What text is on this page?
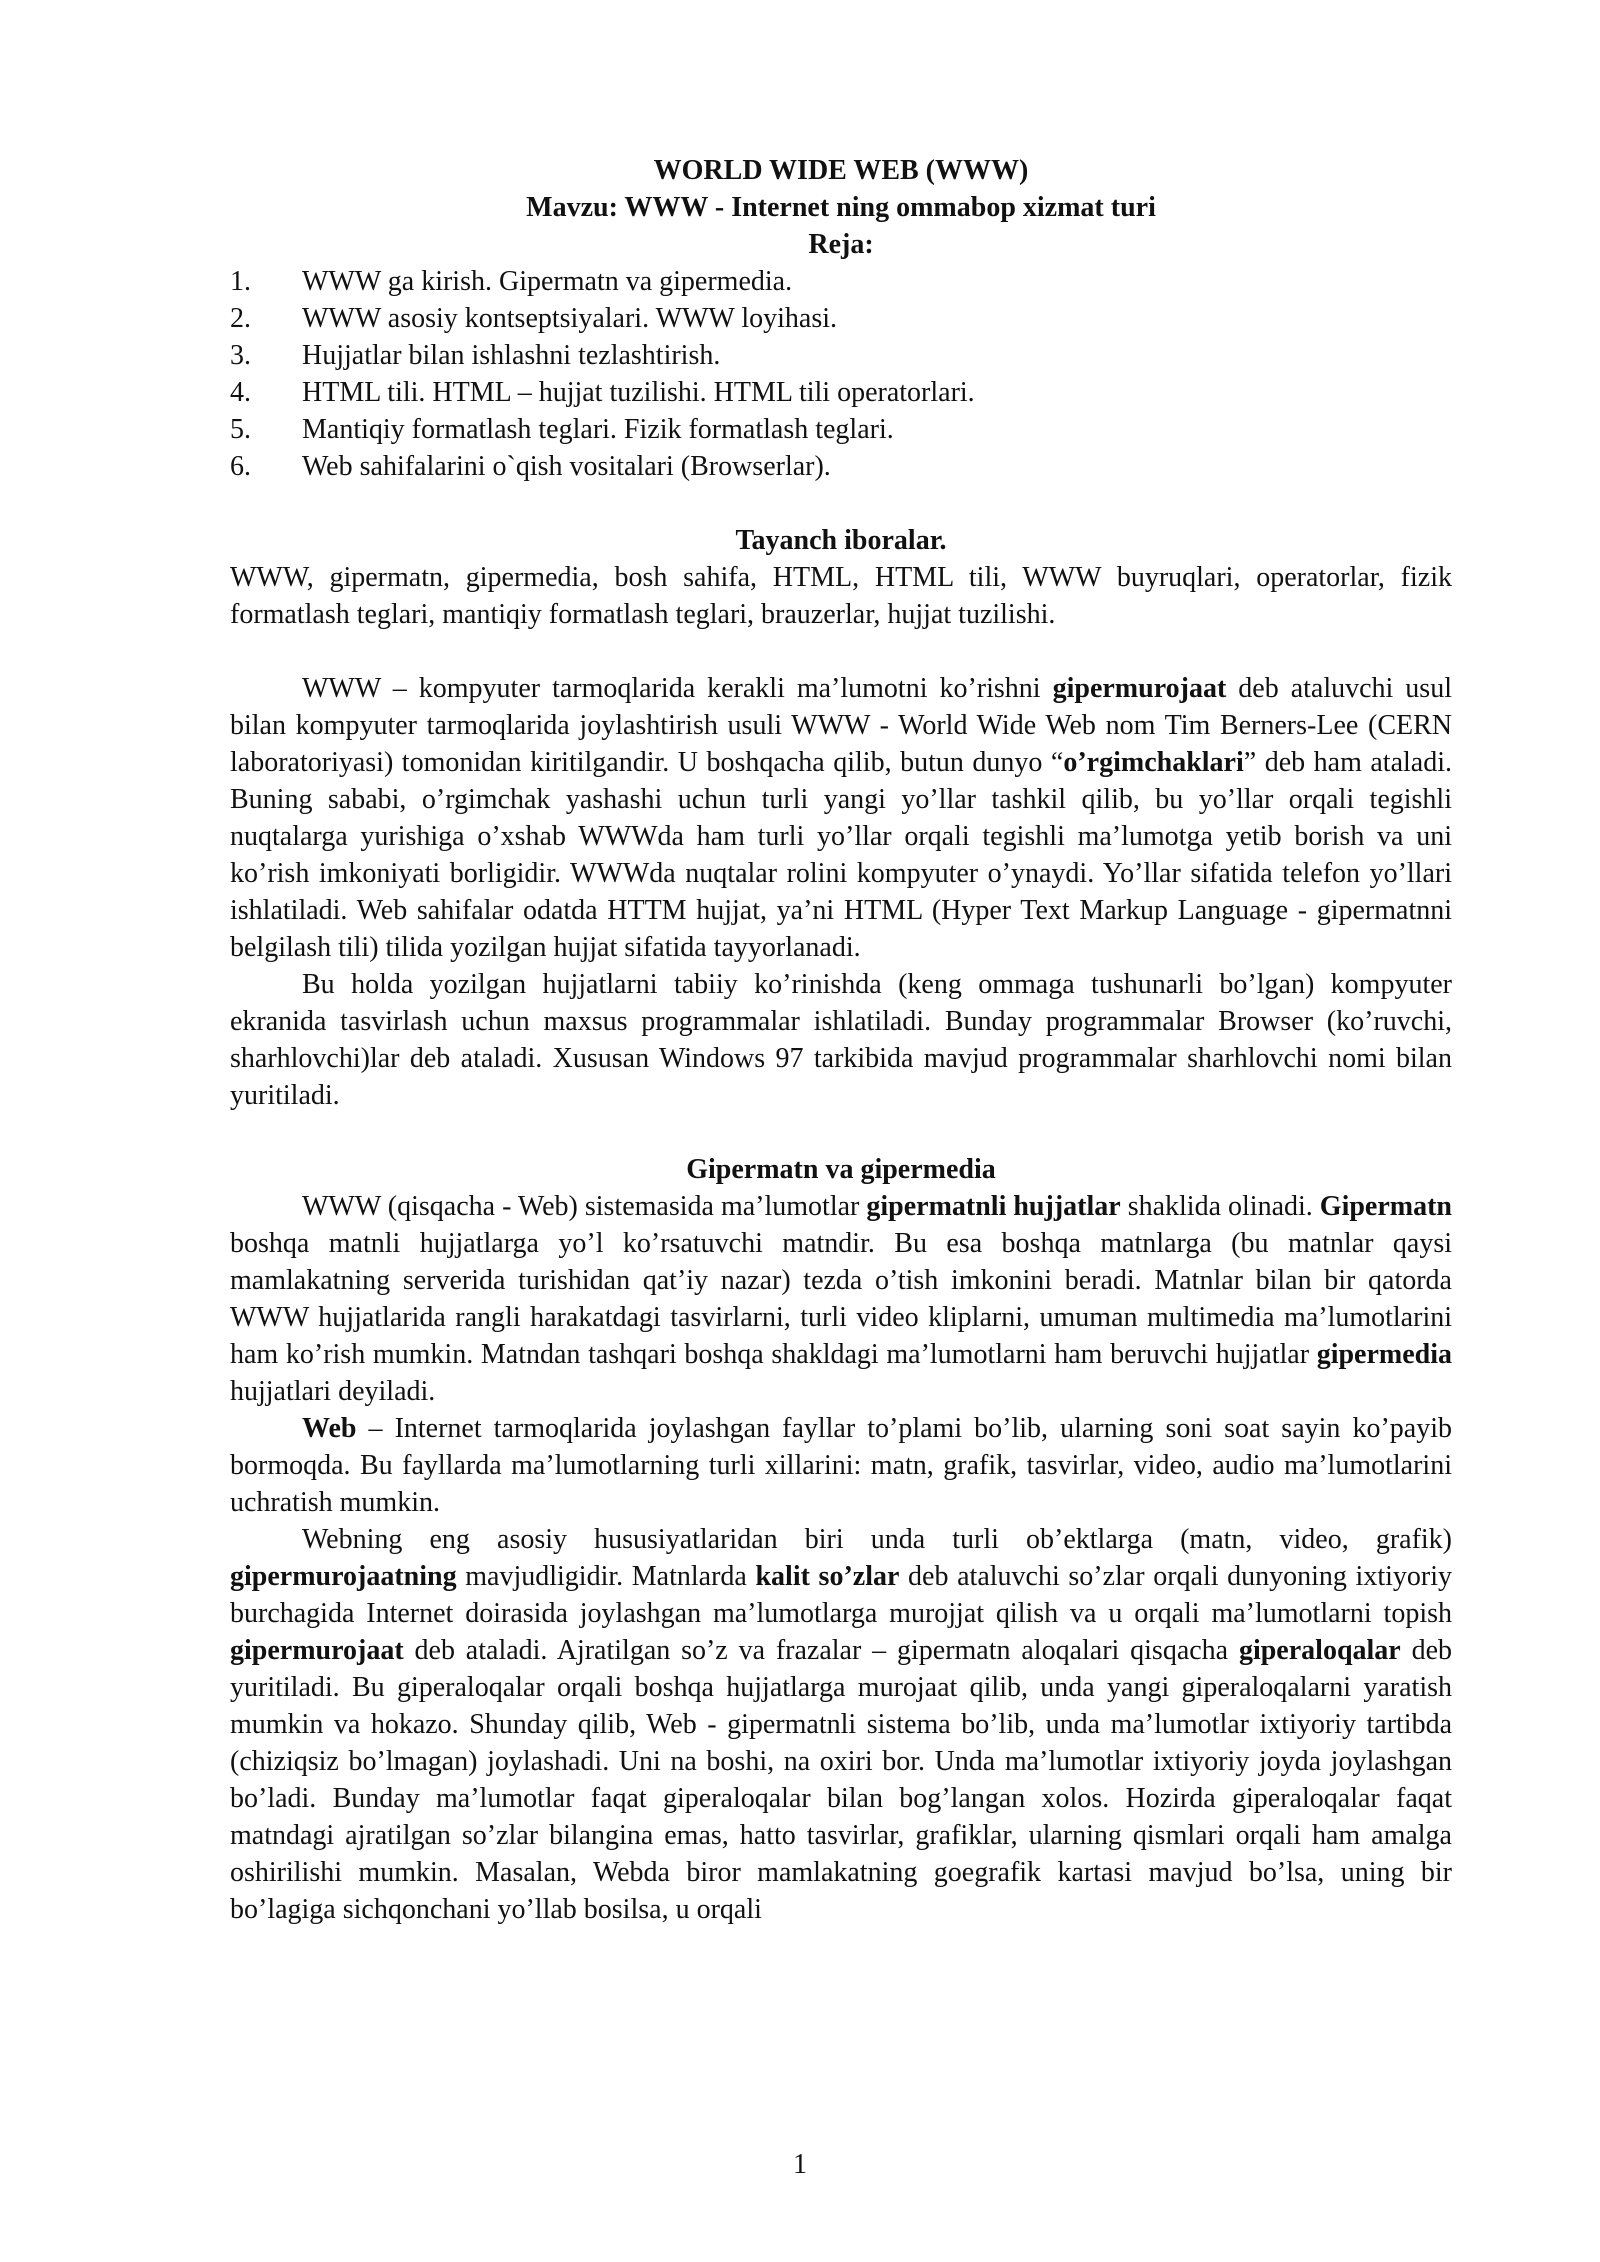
WORLD WIDE WEB (WWW)
Mavzu: WWW - Internet ning ommabop xizmat turi
Reja:
1.	WWW ga kirish. Gipermatn va gipermedia.
2.	WWW asosiy kontseptsiyalari. WWW loyihasi.
3.	Hujjatlar bilan ishlashni tezlashtirish.
4.	HTML tili. HTML – hujjat tuzilishi. HTML tili operatorlari.
5.	Mantiqiy formatlash teglari. Fizik formatlash teglari.
6.	Web sahifalarini o`qish vositalari (Browserlar).
Tayanch iboralar.

WWW, gipermatn, gipermedia, bosh sahifa, HTML, HTML tili, WWW buyruqlari, operatorlar, fizik formatlash teglari, mantiqiy formatlash teglari, brauzerlar, hujjat tuzilishi.

WWW – kompyuter tarmoqlarida kerakli ma’lumotni ko’rishni gipermurojaat deb ataluvchi usul bilan kompyuter tarmoqlarida joylashtirish usuli WWW - World Wide Web nom Tim Berners-Lee (CERN laboratoriyasi) tomonidan kiritilgandir. U boshqacha qilib, butun dunyo “o’rgimchaklari” deb ham ataladi. Buning sababi, o’rgimchak yashashi uchun turli yangi yo’llar tashkil qilib, bu yo’llar orqali tegishli nuqtalarga yurishiga o’xshab WWWda ham turli yo’llar orqali tegishli ma’lumotga yetib borish va uni ko’rish imkoniyati borligidir. WWWda nuqtalar rolini kompyuter o’ynaydi. Yo’llar sifatida telefon yo’llari ishlatiladi. Web sahifalar odatda HTTM hujjat, ya’ni HTML (Hyper Text Markup Language - gipermatnni belgilash tili) tilida yozilgan hujjat sifatida tayyorlanadi.

Bu holda yozilgan hujjatlarni tabiiy ko’rinishda (keng ommaga tushunarli bo’lgan) kompyuter ekranida tasvirlash uchun maxsus programmalar ishlatiladi. Bunday programmalar Browser (ko’ruvchi, sharhlovchi)lar deb ataladi. Xususan Windows 97 tarkibida mavjud programmalar sharhlovchi nomi bilan yuritiladi.

Gipermatn va gipermedia

WWW (qisqacha - Web) sistemasida ma’lumotlar gipermatnli hujjatlar shaklida olinadi. Gipermatn boshqa matnli hujjatlarga yo’l ko’rsatuvchi matndir. Bu esa boshqa matnlarga (bu matnlar qaysi mamlakatning serverida turishidan qat’iy nazar) tezda o’tish imkonini beradi. Matnlar bilan bir qatorda WWW hujjatlarida rangli harakatdagi tasvirlarni, turli video kliplarni, umuman multimedia ma’lumotlarini ham ko’rish mumkin. Matndan tashqari boshqa shakldagi ma’lumotlarni ham beruvchi hujjatlar gipermedia hujjatlari deyiladi.

Web – Internet tarmoqlarida joylashgan fayllar to’plami bo’lib, ularning soni soat sayin ko’payib bormoqda. Bu fayllarda ma’lumotlarning turli xillarini: matn, grafik, tasvirlar, video, audio ma’lumotlarini uchratish mumkin.

Webning eng asosiy hususiyatlaridan biri unda turli ob’ektlarga (matn, video, grafik) gipermurojaatning mavjudligidir. Matnlarda kalit so’zlar deb ataluvchi so’zlar orqali dunyoning ixtiyoriy burchagida Internet doirasida joylashgan ma’lumotlarga murojjat qilish va u orqali ma’lumotlarni topish gipermurojaat deb ataladi. Ajratilgan so’z va frazalar – gipermatn aloqalari qisqacha giperaloqalar deb yuritiladi. Bu giperaloqalar orqali boshqa hujjatlarga murojaat qilib, unda yangi giperaloqalarni yaratish mumkin va hokazo. Shunday qilib, Web - gipermatnli sistema bo’lib, unda ma’lumotlar ixtiyoriy tartibda (chiziqsiz bo’lmagan) joylashadi. Uni na boshi, na oxiri bor. Unda ma’lumotlar ixtiyoriy joyda joylashgan bo’ladi. Bunday ma’lumotlar faqat giperaloqalar bilan bog’langan xolos. Hozirda giperaloqalar faqat matndagi ajratilgan so’zlar bilangina emas, hatto tasvirlar, grafiklar, ularning qismlari orqali ham amalga oshirilishi mumkin. Masalan, Webda biror mamlakatning goegrafik kartasi mavjud bo’lsa, uning bir bo’lagiga sichqonchani yo’llab bosilsa, u orqali

1
